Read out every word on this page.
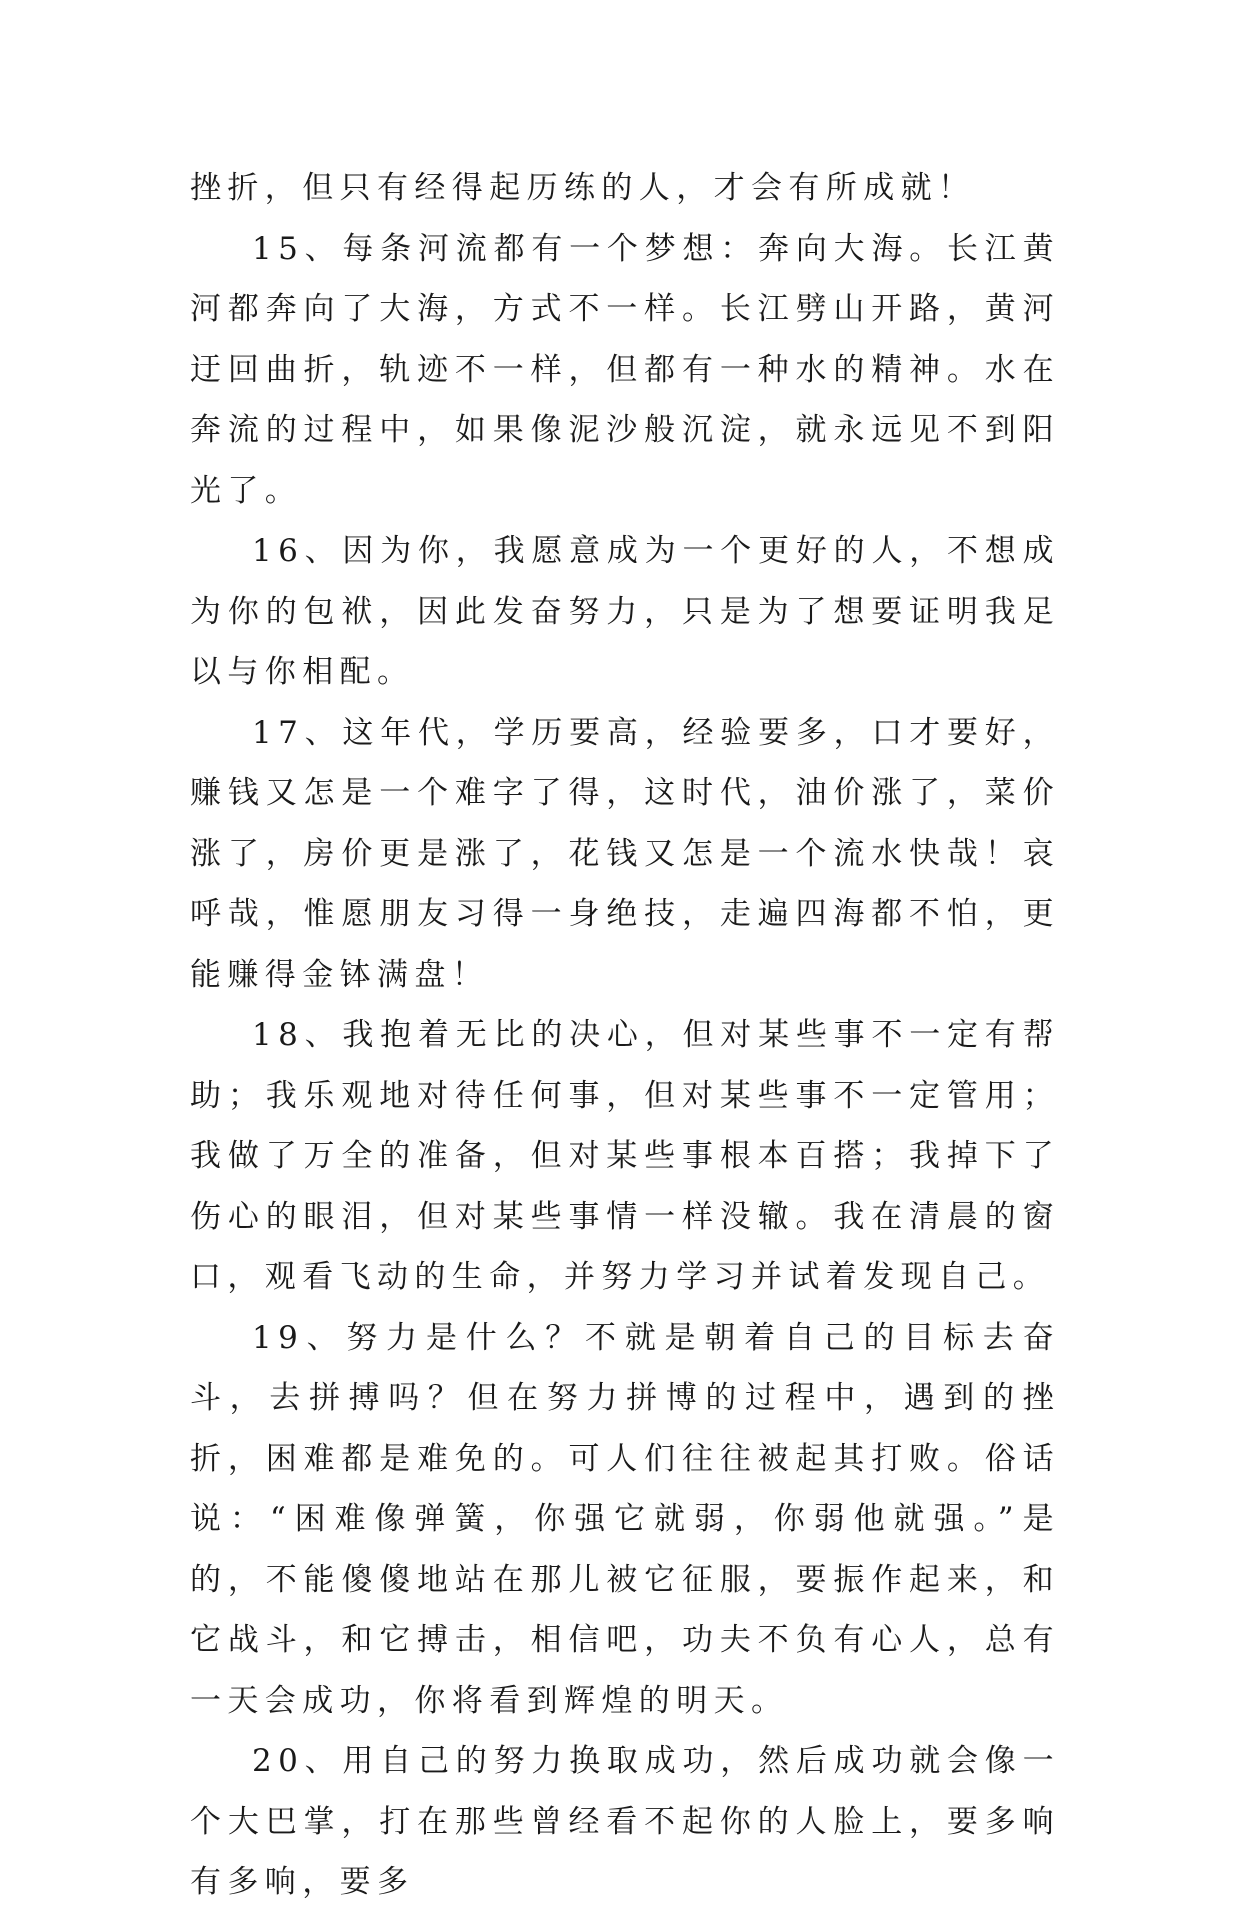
挫折，但只有经得起历练的人，才会有所成就！

15、每条河流都有一个梦想：奔向大海。长江黄河都奔向了大海，方式不一样。长江劈山开路，黄河迂回曲折，轨迹不一样，但都有一种水的精神。水在奔流的过程中，如果像泥沙般沉淀，就永远见不到阳光了。

16、因为你，我愿意成为一个更好的人，不想成为你的包袱，因此发奋努力，只是为了想要证明我足以与你相配。

17、这年代，学历要高，经验要多，口才要好，赚钱又怎是一个难字了得，这时代，油价涨了，菜价涨了，房价更是涨了，花钱又怎是一个流水快哉！哀呼哉，惟愿朋友习得一身绝技，走遍四海都不怕，更能赚得金钵满盘！

18、我抱着无比的决心，但对某些事不一定有帮助；我乐观地对待任何事，但对某些事不一定管用；我做了万全的准备，但对某些事根本百搭；我掉下了伤心的眼泪，但对某些事情一样没辙。我在清晨的窗口，观看飞动的生命，并努力学习并试着发现自己。

19、努力是什么？不就是朝着自己的目标去奋斗，去拼搏吗？但在努力拼博的过程中，遇到的挫折，困难都是难免的。可人们往往被起其打败。俗话说：“困难像弹簧，你强它就弱，你弱他就强。”是的，不能傻傻地站在那儿被它征服，要振作起来，和它战斗，和它搏击，相信吧，功夫不负有心人，总有一天会成功，你将看到辉煌的明天。

20、用自己的努力换取成功，然后成功就会像一个大巴掌，打在那些曾经看不起你的人脸上，要多响有多响，要多
